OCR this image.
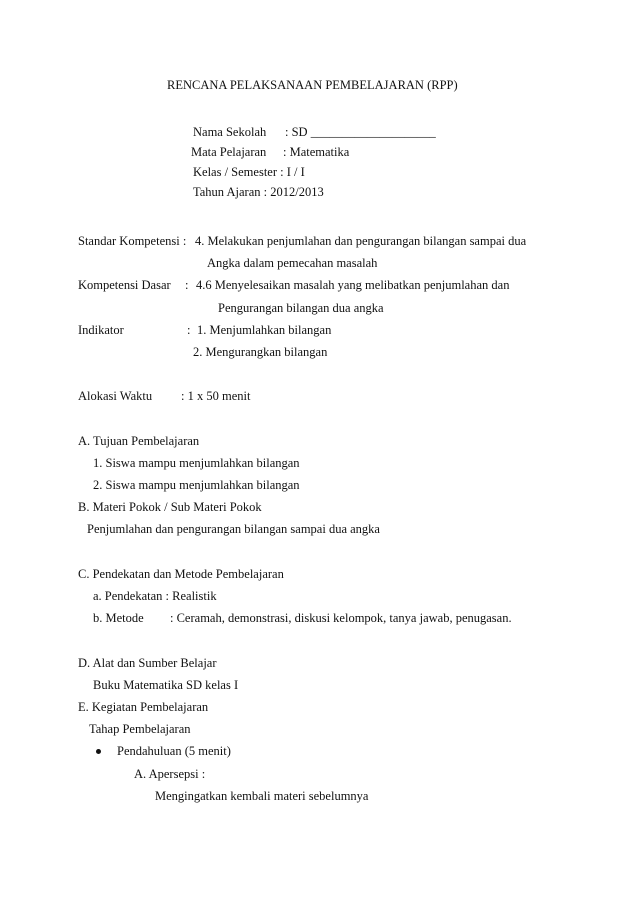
RENCANA PELAKSANAAN PEMBELAJARAN (RPP)
Nama Sekolah : SD ____________________
Mata Pelajaran : Matematika
Kelas / Semester : I / I
Tahun Ajaran : 2012/2013
Standar Kompetensi : 4. Melakukan penjumlahan dan pengurangan bilangan sampai dua
Angka dalam pemecahan masalah
Kompetensi Dasar : 4.6 Menyelesaikan masalah yang melibatkan penjumlahan dan
Pengurangan bilangan dua angka
Indikator	: 1. Menjumlahkan bilangan
2. Mengurangkan bilangan
Alokasi Waktu : 1 x 50 menit
A. Tujuan Pembelajaran
1. Siswa mampu menjumlahkan bilangan
2. Siswa mampu menjumlahkan bilangan
B. Materi Pokok / Sub Materi Pokok
Penjumlahan dan pengurangan bilangan sampai dua angka
C. Pendekatan dan Metode Pembelajaran
a. Pendekatan : Realistik
b. Metode : Ceramah, demonstrasi, diskusi kelompok, tanya jawab, penugasan.
D. Alat dan Sumber Belajar
Buku Matematika SD kelas I
E. Kegiatan Pembelajaran
Tahap Pembelajaran
Pendahuluan (5 menit)
A. Apersepsi :
Mengingatkan kembali materi sebelumnya
